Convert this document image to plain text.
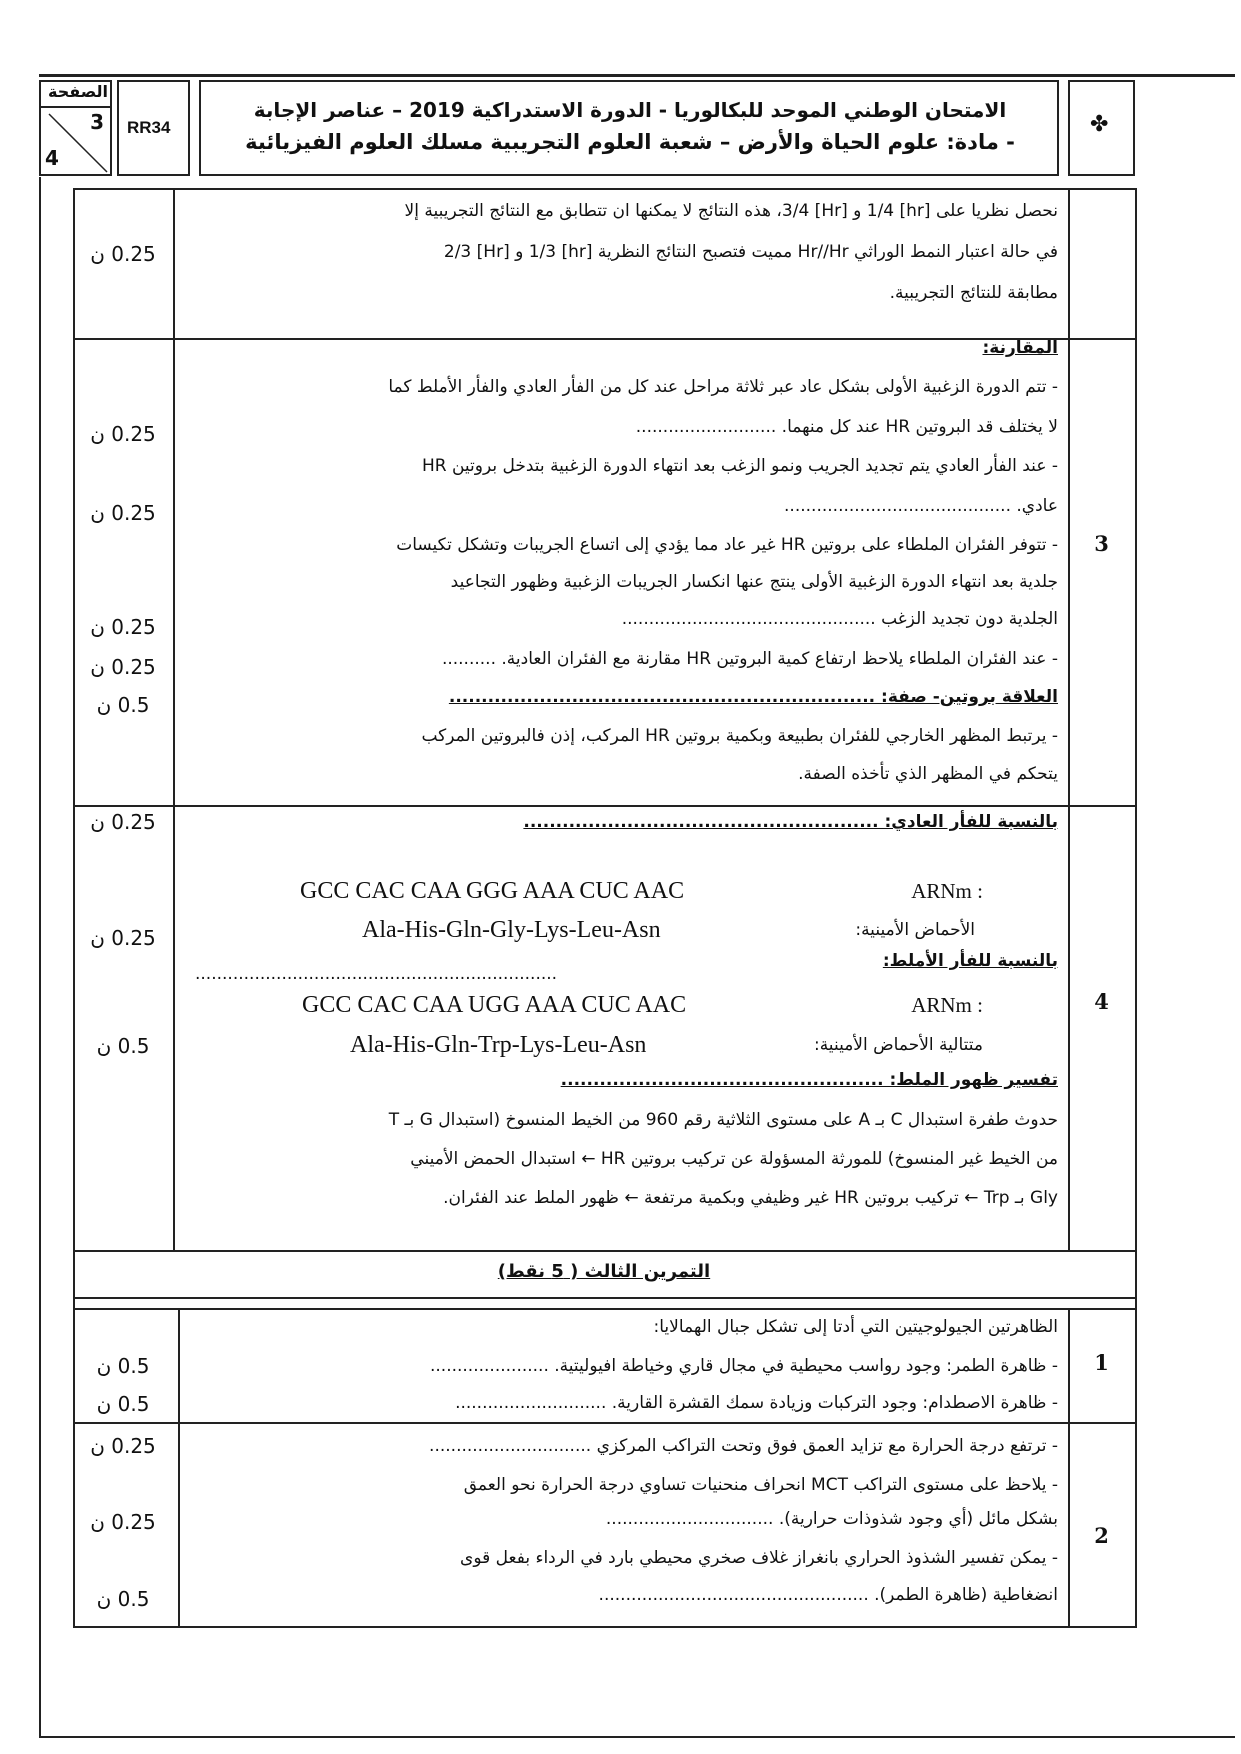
الصفحة
3
4
RR34
الامتحان الوطني الموحد للبكالوريا - الدورة الاستدراكية 2019 – عناصر الإجابة
- مادة: علوم الحياة والأرض – شعبة العلوم التجريبية مسلك العلوم الفيزيائية
✤
نحصل نظريا على [hr] 1/4 و [Hr] 3/4، هذه النتائج لا يمكنها ان تتطابق مع النتائج التجريبية إلا
في حالة اعتبار النمط الوراثي Hr//Hr مميت فتصبح النتائج النظرية [hr] 1/3 و [Hr] 2/3
مطابقة للنتائج التجريبية.
0.25 ن
3
المقارنة:
- تتم الدورة الزغبية الأولى بشكل عاد عبر ثلاثة مراحل عند كل من الفأر العادي والفأر الأملط كما
لا يختلف قد البروتين HR عند كل منهما. ..........................
- عند الفأر العادي يتم تجديد الجريب ونمو الزغب بعد انتهاء الدورة الزغبية بتدخل بروتين HR
عادي. ..........................................
- تتوفر الفئران الملطاء على بروتين HR غير عاد مما يؤدي إلى اتساع الجريبات وتشكل تكيسات
جلدية بعد انتهاء الدورة الزغبية الأولى ينتج عنها انكسار الجريبات الزغبية وظهور التجاعيد
الجلدية دون تجديد الزغب ...............................................
- عند الفئران الملطاء يلاحظ ارتفاع كمية البروتين HR مقارنة مع الفئران العادية. ..........
العلاقة بروتين- صفة: ..................................................................
- يرتبط المظهر الخارجي للفئران بطبيعة وبكمية بروتين HR المركب، إذن فالبروتين المركب
يتحكم في المظهر الذي تأخذه الصفة.
0.25 ن
0.25 ن
0.25 ن
0.25 ن
0.5 ن
4
بالنسبة للفأر العادي: .......................................................
: ARNm
GCC CAC CAA GGG AAA CUC AAC
الأحماض الأمينية:
Ala-His-Gln-Gly-Lys-Leu-Asn
بالنسبة للفأر الأملط:
...................................................................
: ARNm
GCC CAC CAA UGG AAA CUC AAC
متتالية الأحماض الأمينية:
Ala-His-Gln-Trp-Lys-Leu-Asn
تفسير ظهور الملط: ..................................................
حدوث طفرة استبدال C بـ A على مستوى الثلاثية رقم 960 من الخيط المنسوخ (استبدال G بـ T
من الخيط غير المنسوخ) للمورثة المسؤولة عن تركيب بروتين HR ← استبدال الحمض الأميني
Gly بـ Trp ← تركيب بروتين HR غير وظيفي وبكمية مرتفعة ← ظهور الملط عند الفئران.
0.25 ن
0.25 ن
0.5 ن
التمرين الثالث ( 5 نقط)
1
الظاهرتين الجيولوجيتين التي أدتا إلى تشكل جبال الهمالايا:
- ظاهرة الطمر: وجود رواسب محيطية في مجال قاري وخياطة افيوليتية. ......................
- ظاهرة الاصطدام: وجود التركبات وزيادة سمك القشرة القارية. ............................
0.5 ن
0.5 ن
2
- ترتفع درجة الحرارة مع تزايد العمق فوق وتحت التراكب المركزي ..............................
- يلاحظ على مستوى التراكب MCT انحراف منحنيات تساوي درجة الحرارة نحو العمق
بشكل مائل (أي وجود شذوذات حرارية). ...............................
- يمكن تفسير الشذوذ الحراري بانغراز غلاف صخري محيطي بارد في الرداء بفعل قوى
انضغاطية (ظاهرة الطمر). ..................................................
0.25 ن
0.25 ن
0.5 ن
